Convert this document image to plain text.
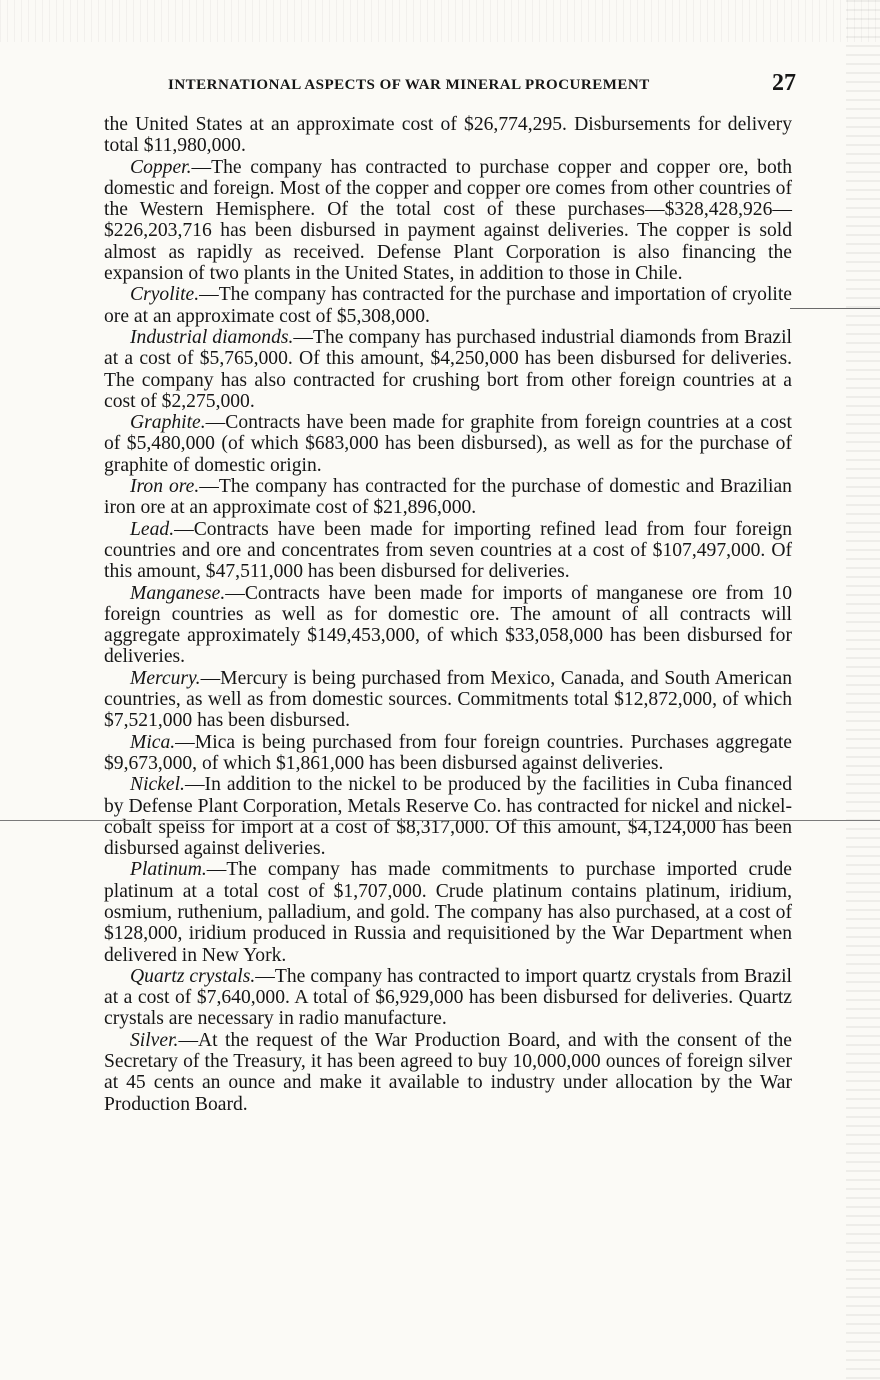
INTERNATIONAL ASPECTS OF WAR MINERAL PROCUREMENT	27

the United States at an approximate cost of $26,774,295. Disbursements for delivery total $11,980,000.

Copper.—The company has contracted to purchase copper and copper ore, both domestic and foreign. Most of the copper and copper ore comes from other countries of the Western Hemisphere. Of the total cost of these purchases—$328,428,926—$226,203,716 has been disbursed in payment against deliveries. The copper is sold almost as rapidly as received. Defense Plant Corporation is also financing the expansion of two plants in the United States, in addition to those in Chile.

Cryolite.—The company has contracted for the purchase and importation of cryolite ore at an approximate cost of $5,308,000.

Industrial diamonds.—The company has purchased industrial diamonds from Brazil at a cost of $5,765,000. Of this amount, $4,250,000 has been disbursed for deliveries. The company has also contracted for crushing bort from other foreign countries at a cost of $2,275,000.

Graphite.—Contracts have been made for graphite from foreign countries at a cost of $5,480,000 (of which $683,000 has been disbursed), as well as for the purchase of graphite of domestic origin.

Iron ore.—The company has contracted for the purchase of domestic and Brazilian iron ore at an approximate cost of $21,896,000.

Lead.—Contracts have been made for importing refined lead from four foreign countries and ore and concentrates from seven countries at a cost of $107,497,000. Of this amount, $47,511,000 has been disbursed for deliveries.

Manganese.—Contracts have been made for imports of manganese ore from 10 foreign countries as well as for domestic ore. The amount of all contracts will aggregate approximately $149,453,000, of which $33,058,000 has been disbursed for deliveries.

Mercury.—Mercury is being purchased from Mexico, Canada, and South American countries, as well as from domestic sources. Commitments total $12,872,000, of which $7,521,000 has been disbursed.

Mica.—Mica is being purchased from four foreign countries. Purchases aggregate $9,673,000, of which $1,861,000 has been disbursed against deliveries.

Nickel.—In addition to the nickel to be produced by the facilities in Cuba financed by Defense Plant Corporation, Metals Reserve Co. has contracted for nickel and nickel-cobalt speiss for import at a cost of $8,317,000. Of this amount, $4,124,000 has been disbursed against deliveries.

Platinum.—The company has made commitments to purchase imported crude platinum at a total cost of $1,707,000. Crude platinum contains platinum, iridium, osmium, ruthenium, palladium, and gold. The company has also purchased, at a cost of $128,000, iridium produced in Russia and requisitioned by the War Department when delivered in New York.

Quartz crystals.—The company has contracted to import quartz crystals from Brazil at a cost of $7,640,000. A total of $6,929,000 has been disbursed for deliveries. Quartz crystals are necessary in radio manufacture.

Silver.—At the request of the War Production Board, and with the consent of the Secretary of the Treasury, it has been agreed to buy 10,000,000 ounces of foreign silver at 45 cents an ounce and make it available to industry under allocation by the War Production Board.
